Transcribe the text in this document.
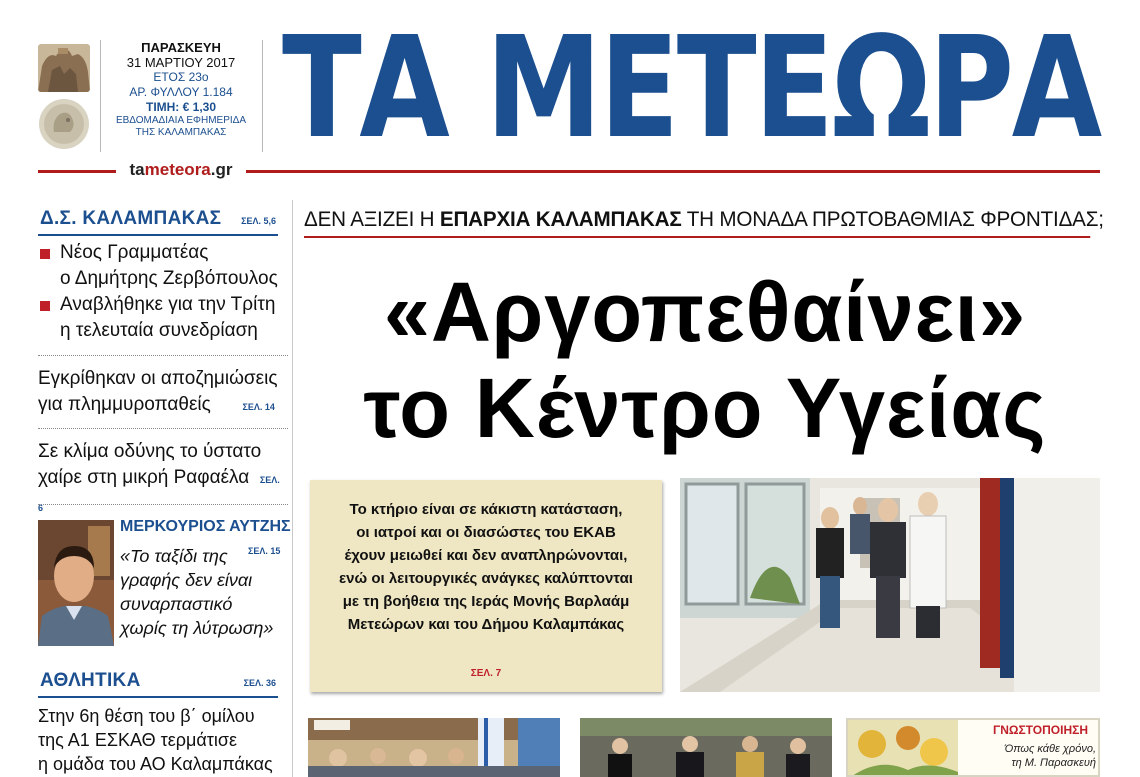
ΠΑΡΑΣΚΕΥΗ
31 ΜΑΡΤΙΟΥ 2017
ΕΤΟΣ 23ο
ΑΡ. ΦΥΛΛΟΥ 1.184
ΤΙΜΗ: € 1,30
ΕΒΔΟΜΑΔΙΑΙΑ ΕΦΗΜΕΡΙΔΑ
ΤΗΣ ΚΑΛΑΜΠΑΚΑΣ ΤΑ ΜΕΤΕΩΡΑ
tameteora.gr
Δ.Σ. ΚΑΛΑΜΠΑΚΑΣ ΣΕΛ. 5,6
Νέος Γραμματέας
ο Δημήτρης Ζερβόπουλος
Αναβλήθηκε για την Τρίτη
η τελευταία συνεδρίαση
Εγκρίθηκαν οι αποζημιώσεις
για πλημμυροπαθείς	ΣΕΛ. 14
Σε κλίμα οδύνης το ύστατο
χαίρε στη μικρή Ραφαέλα ΣΕΛ. 6
ΜΕΡΚΟΥΡΙΟΣ ΑΥΤΖΗΣ
«Το ταξίδι της
γραφής δεν είναι
συναρπαστικό
χωρίς τη λύτρωση»
ΣΕΛ. 15
ΑΘΛΗΤΙΚΑ	ΣΕΛ. 36
Στην 6η θέση του β΄ ομίλου
της Α1 ΕΣΚΑΘ τερμάτισε
η ομάδα του ΑΟ Καλαμπάκας
ΔΕΝ ΑΞΙΖΕΙ Η ΕΠΑΡΧΙΑ ΚΑΛΑΜΠΑΚΑΣ ΤΗ ΜΟΝΑΔΑ ΠΡΩΤΟΒΑΘΜΙΑΣ ΦΡΟΝΤΙΔΑΣ;
«Αργοπεθαίνει»
το Κέντρο Υγείας
Το κτήριο είναι σε κάκιστη κατάσταση,
οι ιατροί και οι διασώστες του ΕΚΑΒ
έχουν μειωθεί και δεν αναπληρώνονται,
ενώ οι λειτουργικές ανάγκες καλύπτονται
με τη βοήθεια της Ιεράς Μονής Βαρλαάμ
Μετεώρων και του Δήμου Καλαμπάκας
ΣΕΛ. 7
ΓΝΩΣΤΟΠΟΙΗΣΗ
Όπως κάθε χρόνο,
τη Μ. Παρασκευή
